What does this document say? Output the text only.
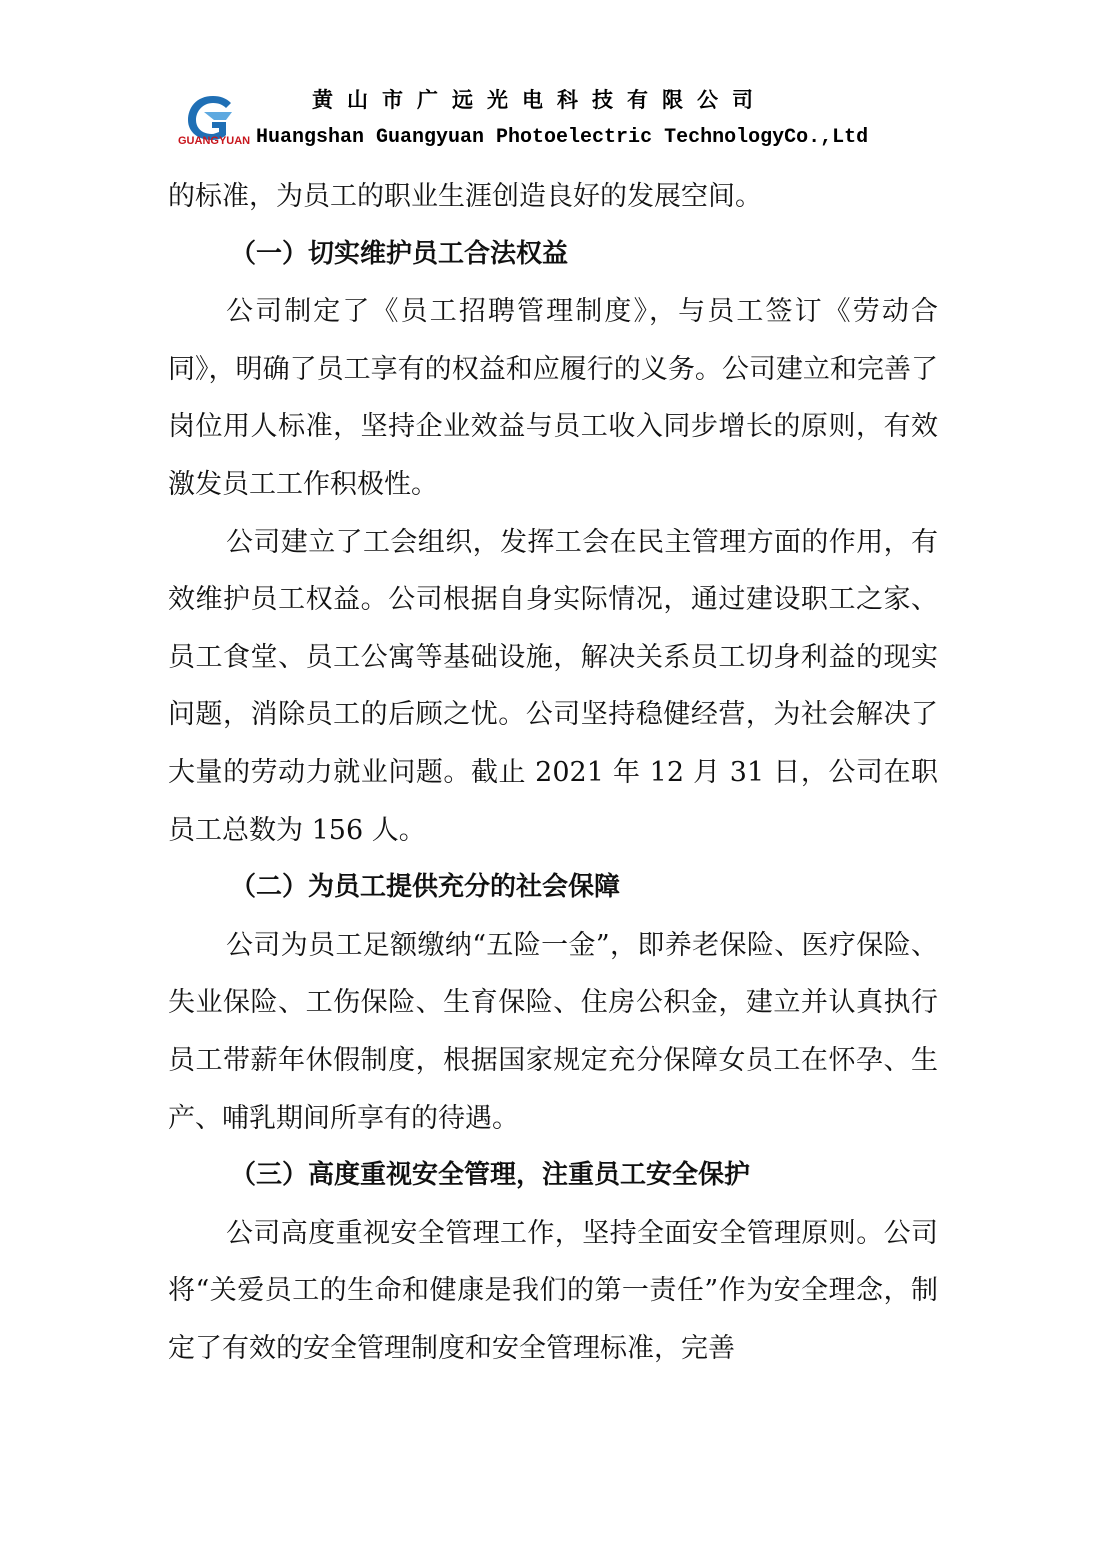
GUANGYUAN
黄山市广远光电科技有限公司
Huangshan Guangyuan Photoelectric TechnologyCo.,Ltd

的标准，为员工的职业生涯创造良好的发展空间。

（一）切实维护员工合法权益

公司制定了《员工招聘管理制度》，与员工签订《劳动合同》，明确了员工享有的权益和应履行的义务。公司建立和完善了岗位用人标准，坚持企业效益与员工收入同步增长的原则，有效激发员工工作积极性。

公司建立了工会组织，发挥工会在民主管理方面的作用，有效维护员工权益。公司根据自身实际情况，通过建设职工之家、员工食堂、员工公寓等基础设施，解决关系员工切身利益的现实问题，消除员工的后顾之忧。公司坚持稳健经营，为社会解决了大量的劳动力就业问题。截止 2021 年 12 月 31 日，公司在职员工总数为 156 人。

（二）为员工提供充分的社会保障

公司为员工足额缴纳“五险一金”，即养老保险、医疗保险、失业保险、工伤保险、生育保险、住房公积金，建立并认真执行员工带薪年休假制度，根据国家规定充分保障女员工在怀孕、生产、哺乳期间所享有的待遇。

（三）高度重视安全管理，注重员工安全保护

公司高度重视安全管理工作，坚持全面安全管理原则。公司将“关爱员工的生命和健康是我们的第一责任”作为安全理念，制定了有效的安全管理制度和安全管理标准，完善
